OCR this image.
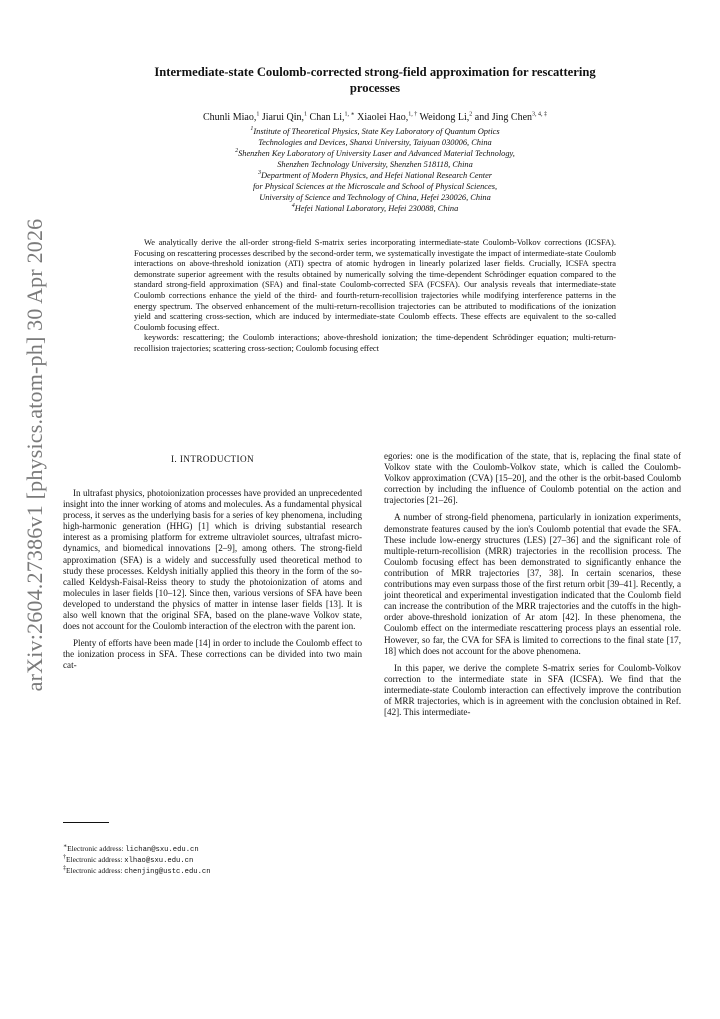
arXiv:2604.27386v1 [physics.atom-ph] 30 Apr 2026
Intermediate-state Coulomb-corrected strong-field approximation for rescattering
processes
Chunli Miao,$^1$ Jiarui Qin,$^1$ Chan Li,$^{1, ∗}$ Xiaolei Hao,$^{1, \dagger}$ Weidong Li,$^2$ and Jing Chen$^{3, 4, \ddagger}$
$^1$Institute of Theoretical Physics, State Key Laboratory of Quantum Optics
Technologies and Devices, Shanxi University, Taiyuan 030006, China
$^2$Shenzhen Key Laboratory of University Laser and Advanced Material Technology,
Shenzhen Technology University, Shenzhen 518118, China
$^3$Department of Modern Physics, and Hefei National Research Center
for Physical Sciences at the Microscale and School of Physical Sciences,
University of Science and Technology of China, Hefei 230026, China
$^4$Hefei National Laboratory, Hefei 230088, China

We analytically derive the all-order strong-field S-matrix series incorporating intermediate-state Coulomb-Volkov corrections (ICSFA). Focusing on rescattering processes described by the second-order term, we systematically investigate the impact of intermediate-state Coulomb interactions on above-threshold ionization (ATI) spectra of atomic hydrogen in linearly polarized laser fields. Crucially, ICSFA spectra demonstrate superior agreement with the results obtained by numerically solving the time-dependent Schrödinger equation compared to the standard strong-field approximation (SFA) and final-state Coulomb-corrected SFA (FCSFA). Our analysis reveals that intermediate-state Coulomb corrections enhance the yield of the third- and fourth-return-recollision trajectories while modifying interference patterns in the energy spectrum. The observed enhancement of the multi-return-recollision trajectories can be attributed to modifications of the ionization yield and scattering cross-section, which are induced by intermediate-state Coulomb effects. These effects are equivalent to the so-called Coulomb focusing effect.

keywords: rescattering; the Coulomb interactions; above-threshold ionization; the time-dependent Schrödinger equation; multi-return-recollision trajectories; scattering cross-section; Coulomb focusing effect

I. INTRODUCTION

In ultrafast physics, photoionization processes have provided an unprecedented insight into the inner working of atoms and molecules. As a fundamental physical process, it serves as the underlying basis for a series of key phenomena, including high-harmonic generation (HHG) [1] which is driving substantial research interest as a promising platform for extreme ultraviolet sources, ultrafast micro-dynamics, and biomedical innovations [2–9], among others. The strong-field approximation (SFA) is a widely and successfully used theoretical method to study these processes. Keldysh initially applied this theory in the form of the so-called Keldysh-Faisal-Reiss theory to study the photoionization of atoms and molecules in laser fields [10–12]. Since then, various versions of SFA have been developed to understand the physics of matter in intense laser fields [13]. It is also well known that the original SFA, based on the plane-wave Volkov state, does not account for the Coulomb interaction of the electron with the parent ion.

Plenty of efforts have been made [14] in order to include the Coulomb effect to the ionization process in SFA. These corrections can be divided into two main cat-

egories: one is the modification of the state, that is, replacing the final state of Volkov state with the Coulomb-Volkov state, which is called the Coulomb-Volkov approximation (CVA) [15–20], and the other is the orbit-based Coulomb correction by including the influence of Coulomb potential on the action and trajectories [21–26].

A number of strong-field phenomena, particularly in ionization experiments, demonstrate features caused by the ion's Coulomb potential that evade the SFA. These include low-energy structures (LES) [27–36] and the significant role of multiple-return-recollision (MRR) trajectories in the recollision process. The Coulomb focusing effect has been demonstrated to significantly enhance the contribution of MRR trajectories [37, 38]. In certain scenarios, these contributions may even surpass those of the first return orbit [39–41]. Recently, a joint theoretical and experimental investigation indicated that the Coulomb field can increase the contribution of the MRR trajectories and the cutoffs in the high-order above-threshold ionization of Ar atom [42]. In these phenomena, the Coulomb effect on the intermediate rescattering process plays an essential role. However, so far, the CVA for SFA is limited to corrections to the final state [17, 18] which does not account for the above phenomena.

In this paper, we derive the complete S-matrix series for Coulomb-Volkov correction to the intermediate state in SFA (ICSFA). We find that the intermediate-state Coulomb interaction can effectively improve the contribution of MRR trajectories, which is in agreement with the conclusion obtained in Ref. [42]. This intermediate-

∗Electronic address: lichan@sxu.edu.cn
†Electronic address: xlhao@sxu.edu.cn
‡Electronic address: chenjing@ustc.edu.cn
